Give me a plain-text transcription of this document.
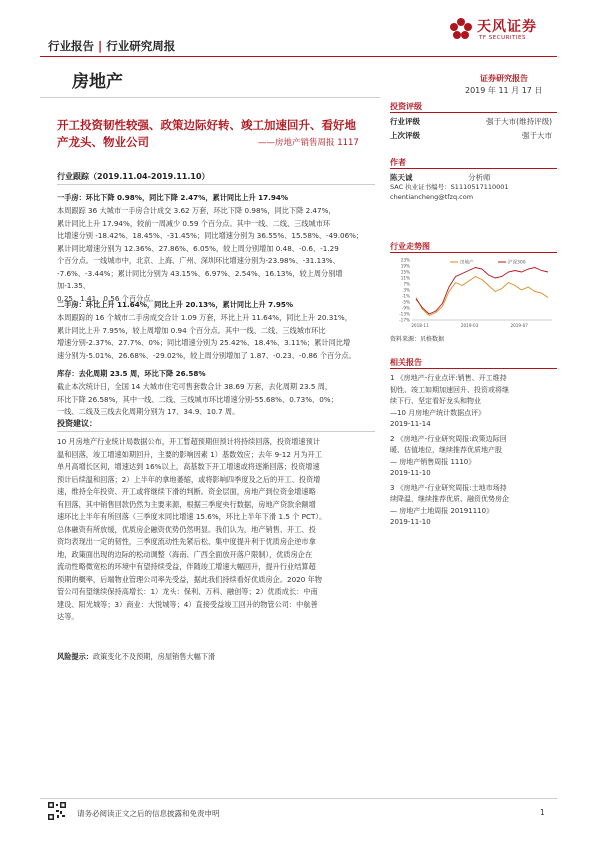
行业报告 | 行业研究周报
天风证券
TF SECURITIES
房地产	证券研究报告
2019 年 11 月 17 日
开工投资韧性较强、政策边际好转、竣工加速回升、看好地产龙头、物业公司	——房地产销售周报 1117
投资评级
行业评级	强于大市(维持评级)
上次评级	强于大市
作者
陈天诚	分析师
SAC 执业证书编号：S1110517110001
chentiancheng@tfzq.com
行业走势图
23%
19%
15%
11%
7%
3%
-1%
-5%
-9%
-13%
-17%
2018-11	2019-03	2019-07
房地产	沪深300
资料来源：贝格数据
相关报告
1 《房地产-行业点评:销售、开工维持
韧性、竣工如期加速回升、投资或将继
续下行、坚定看好龙头和物业
—10 月房地产统计数据点评》
2019-11-14
2 《房地产-行业研究周报:政策边际回
暖、估值地位，继续推荐优质地产股
— 房地产销售周报 1110》
2019-11-10
3 《房地产-行业研究周报:土地市场持
续降温，继续推荐优质、融资优势房企
— 房地产土地周报 20191110》
2019-11-10
行业跟踪（2019.11.04-2019.11.10）
一手房：环比下降 0.98%，同比下降 2.47%，累计同比上升 17.94%
本周跟踪 36 大城市一手房合计成交 3.62 万套，环比下降 0.98%，同比下降 2.47%，
累计同比上升 17.94%，较前一周减少 0.59 个百分点。其中一线、二线、三线城市环
比增速分别 -18.42%、18.45%、-31.45%；同比增速分别为 36.55%、15.58%、-49.06%；
累计同比增速分别为 12.36%、27.86%、6.05%，较上周分别增加 0.48、-0.6、-1.29
个百分点。一线城市中，北京、上海、广州、深圳环比增速分别为-23.98%、-31.13%、
-7.6%、-3.44%；累计同比分别为 43.15%、6.97%、2.54%、16.13%，较上周分别增加-1.35、
0.25、1.41、0.56 个百分点。
二手房：环比上升 11.64%，同比上升 20.13%，累计同比上升 7.95%
本周跟踪的 16 个城市二手房成交合计 1.09 万套，环比上升 11.64%，同比上升 20.31%，
累计同比上升 7.95%，较上周增加 0.94 个百分点。其中一线、二线、三线城市环比
增速分别-2.37%、27.7%、0%；同比增速分别为 25.42%、18.4%、3.11%；累计同比增
速分别为-5.01%、26.68%、-29.02%，较上周分别增加了 1.87、-0.23、-0.86 个百分点。
库存：去化周期 23.5 周，环比下降 26.58%
截止本次统计日，全国 14 大城市住宅可售套数合计 38.69 万套，去化周期 23.5 周，
环比下降 26.58%，其中一线、二线、三线城市环比增速分别-55.68%、0.73%、0%；
一线、二线及三线去化周期分别为 17、34.9、10.7 周。
投资建议：
10 月房地产行业统计局数据公布，开工暂超预期但预计将持续回落，投资增速预计
温和回落，竣工增速如期回升，主要的影响因素 1）基数效应；去年 9-12 月为开工
单月高增长区间，增速达到 16%以上，高基数下开工增速或将逐渐回落；投资增速
预计后续温和回落；2）上半年的拿地萎缩，或将影响四季度及之后的开工、投资增
速，维持全年投资、开工或将继续下滑的判断。资金层面，房地产到位资金增速略
有回落，其中销售回款仍然为主要来源，根据三季度央行数据，房地产贷款余额增
速环比上半年有所回落（三季度末同比增速 15.6%，环比上半年下滑 1.5 个 PCT）。
总体融资有所放缓，优质房企融资优势仍然明显。我们认为，地产销售、开工、投
资均表现出一定的韧性，三季度流动性先紧后松、集中度提升利于优质房企逆市拿
地，政策面出现的边际的松动调整（海南、广西全面放开落户限制），优质房企在
流动性略微宽松的环境中有望持续受益，伴随竣工增速大幅回升，提升行业结算超
预期的概率，后端物业管理公司率先受益，据此我们持续看好优质房企。2020 年物
管公司有望继续保持高增长：1）龙头：保利、万科、融创等；2）优质成长：中南
建设、阳光城等；3）商业：大悦城等；4）直接受益竣工回升的物管公司：中航善
达等。
风险提示：政策变化不及预期，房屋销售大幅下滑
请务必阅读正文之后的信息披露和免责申明	1
